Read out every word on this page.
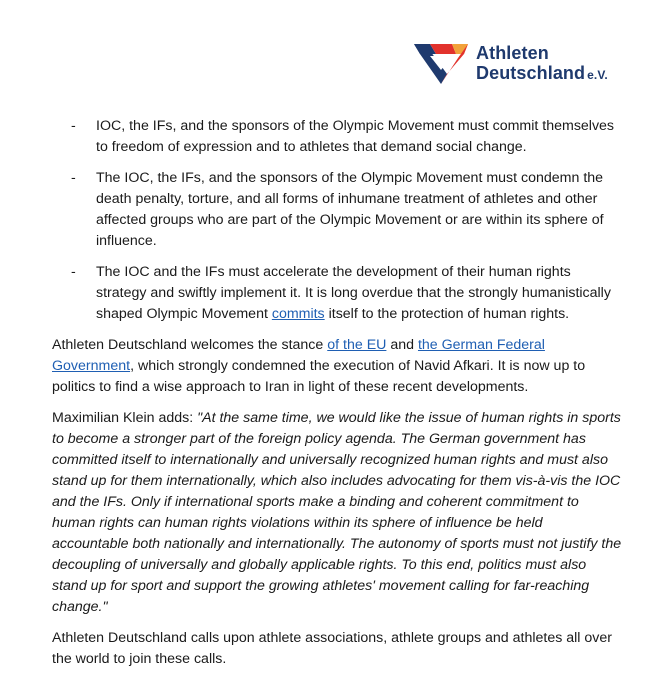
Athleten
Deutschland e.V.
- IOC, the IFs, and the sponsors of the Olympic Movement must commit themselves to freedom of expression and to athletes that demand social change.
- The IOC, the IFs, and the sponsors of the Olympic Movement must condemn the death penalty, torture, and all forms of inhumane treatment of athletes and other affected groups who are part of the Olympic Movement or are within its sphere of influence.
- The IOC and the IFs must accelerate the development of their human rights strategy and swiftly implement it. It is long overdue that the strongly humanistically shaped Olympic Movement commits itself to the protection of human rights.

Athleten Deutschland welcomes the stance of the EU and the German Federal Government, which strongly condemned the execution of Navid Afkari. It is now up to politics to find a wise approach to Iran in light of these recent developments.

Maximilian Klein adds: "At the same time, we would like the issue of human rights in sports to become a stronger part of the foreign policy agenda. The German government has committed itself to internationally and universally recognized human rights and must also stand up for them internationally, which also includes advocating for them vis-à-vis the IOC and the IFs. Only if international sports make a binding and coherent commitment to human rights can human rights violations within its sphere of influence be held accountable both nationally and internationally. The autonomy of sports must not justify the decoupling of universally and globally applicable rights. To this end, politics must also stand up for sport and support the growing athletes' movement calling for far-reaching change."

Athleten Deutschland calls upon athlete associations, athlete groups and athletes all over the world to join these calls.
